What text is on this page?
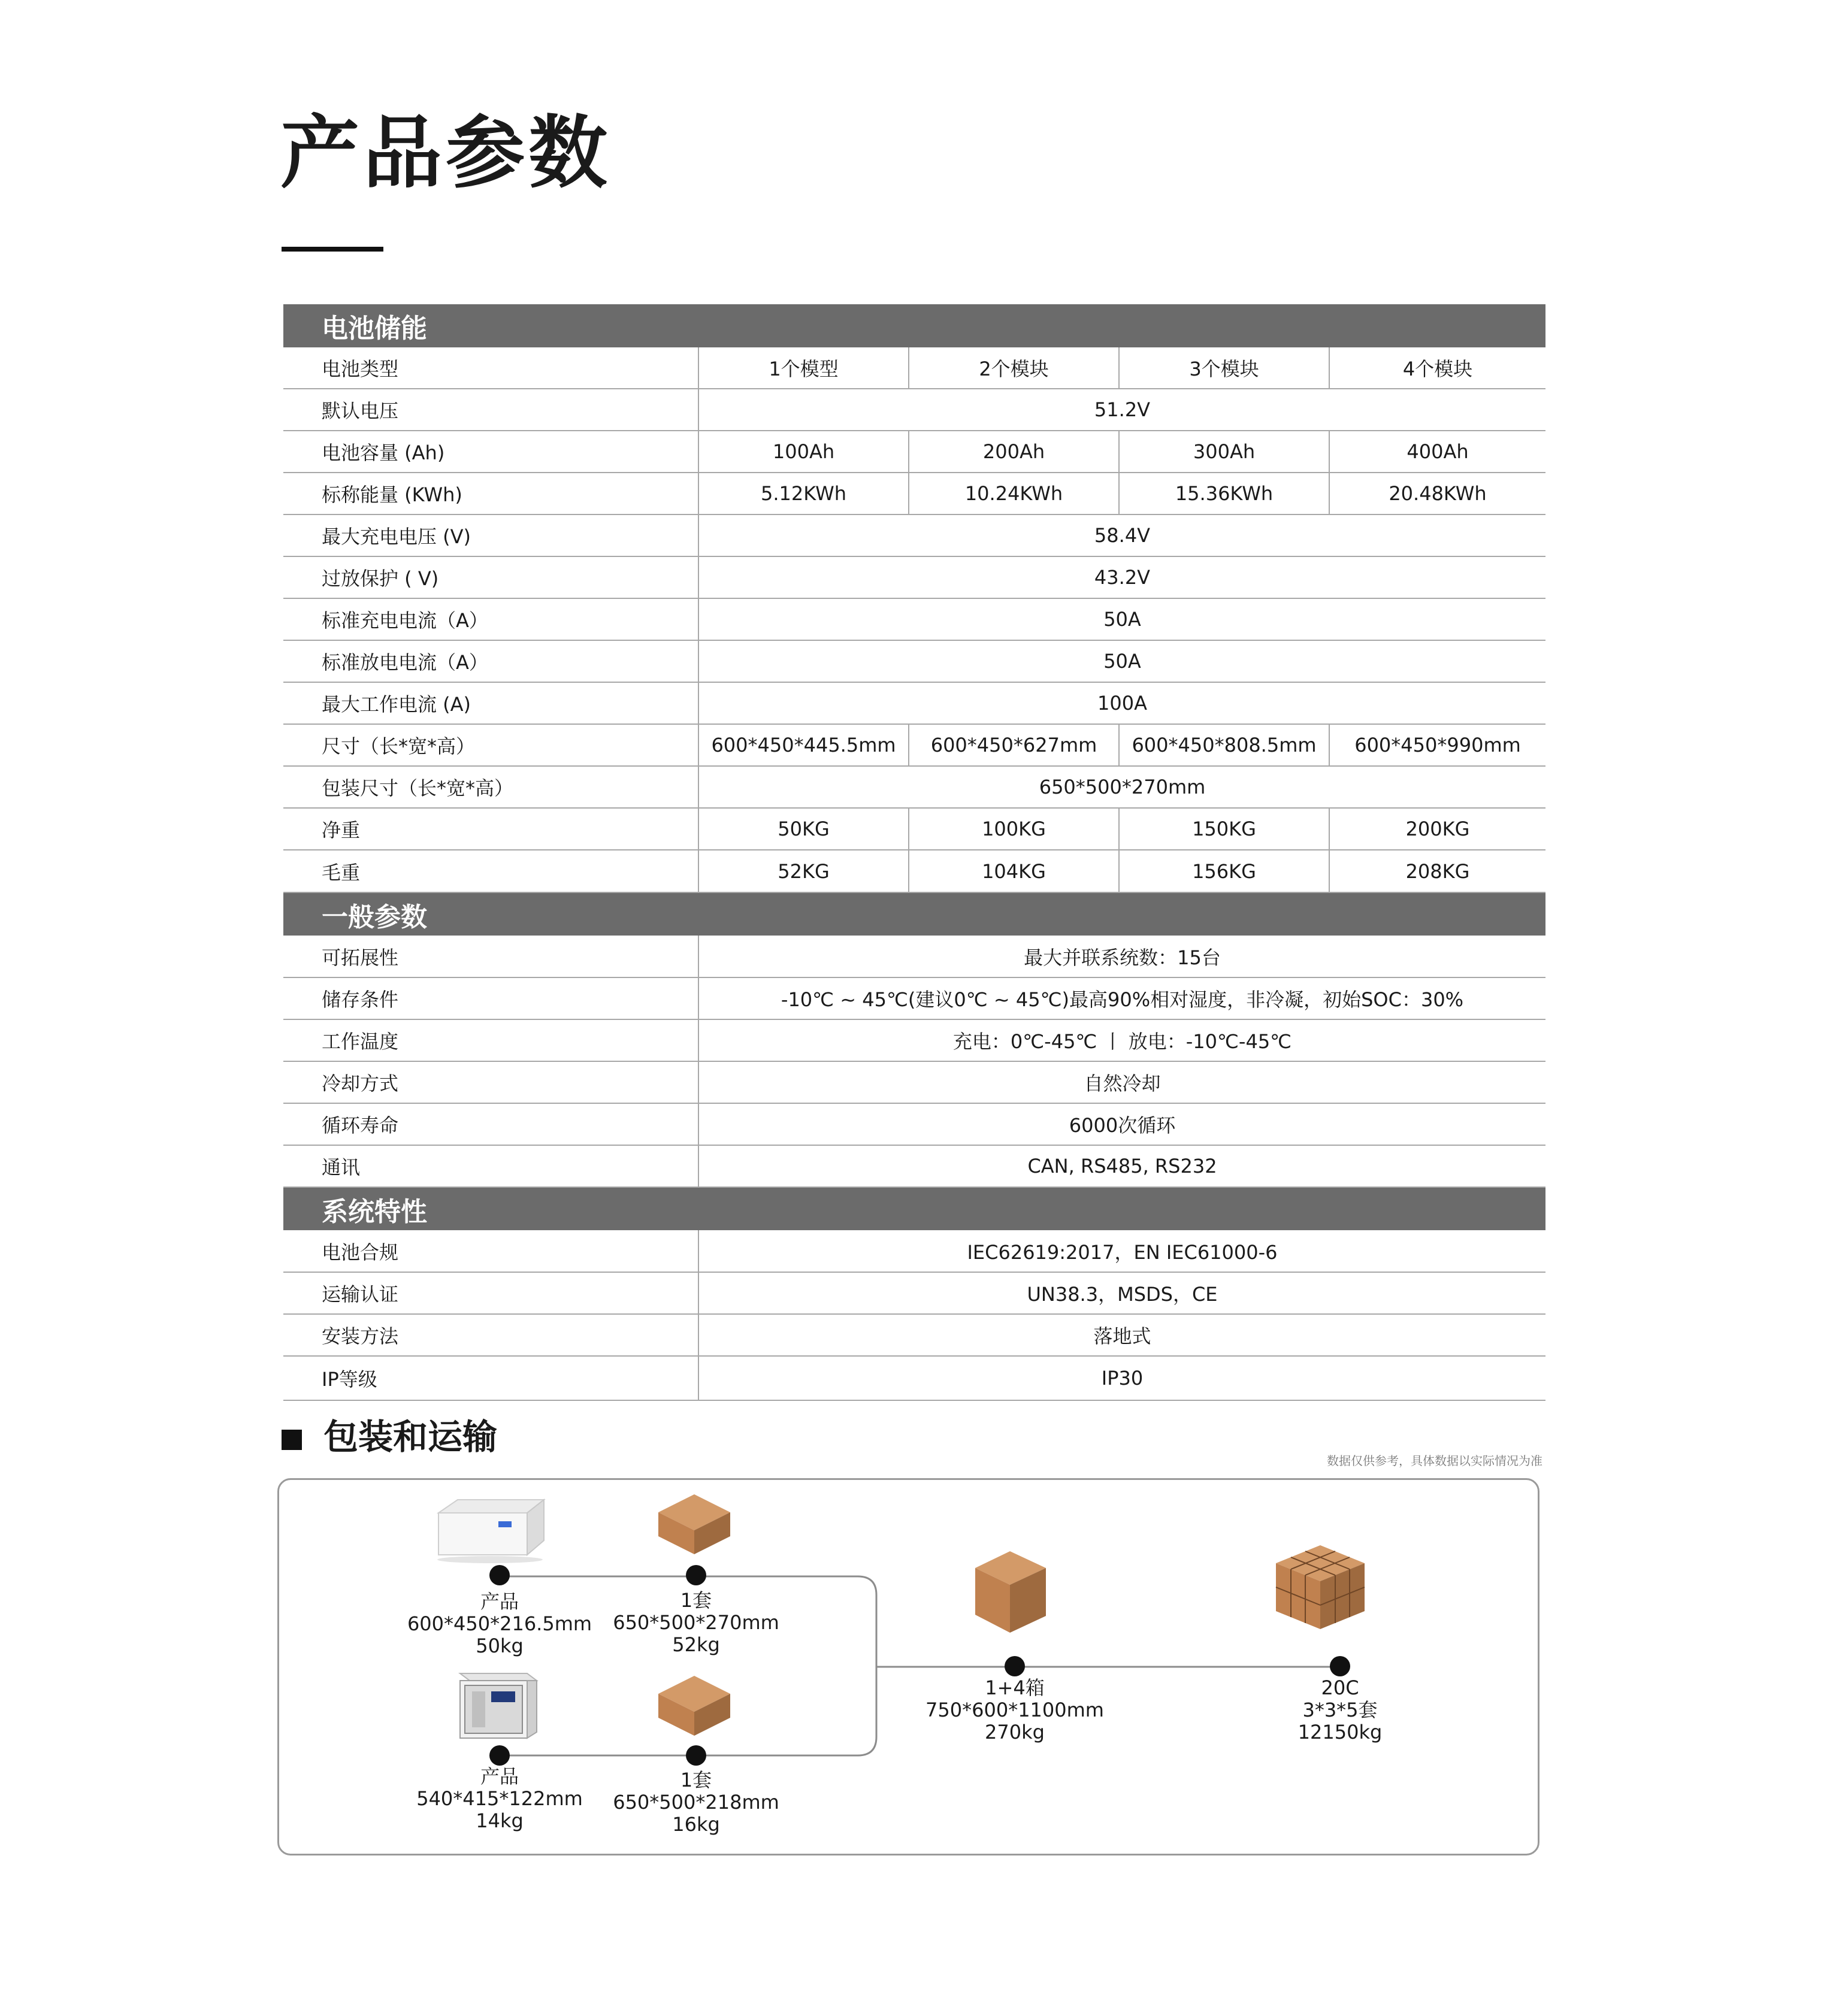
产品参数
电池储能				
电池类型	1个模型	2个模块	3个模块	4个模块
默认电压	51.2V			
电池容量 (Ah)	100Ah	200Ah	300Ah	400Ah
标称能量 (KWh)	5.12KWh	10.24KWh	15.36KWh	20.48KWh
最大充电电压 (V)	58.4V			
过放保护 ( V)	43.2V			
标准充电电流（A）	50A			
标准放电电流（A）	50A			
最大工作电流 (A)	100A			
尺寸（长*宽*高）	600*450*445.5mm	600*450*627mm	600*450*808.5mm	600*450*990mm
包装尺寸（长*宽*高）	650*500*270mm			
净重	50KG	100KG	150KG	200KG
毛重	52KG	104KG	156KG	208KG
一般参数				
可拓展性	最大并联系统数：15台			
储存条件	-10℃ ~ 45℃(建议0℃ ~ 45℃)最高90%相对湿度，非冷凝，初始SOC：30%			
工作温度	充电：0℃-45℃ 丨 放电：-10℃-45℃			
冷却方式	自然冷却			
循环寿命	6000次循环			
通讯	CAN, RS485, RS232			
系统特性				
电池合规	IEC62619:2017，EN IEC61000-6			
运输认证	UN38.3，MSDS，CE			
安装方法	落地式			
IP等级	IP30			
包装和运输
数据仅供参考，具体数据以实际情况为准
产品
600*450*216.5mm
50kg
1套
650*500*270mm
52kg
产品
540*415*122mm
14kg
1套
650*500*218mm
16kg
1+4箱
750*600*1100mm
270kg
20C
3*3*5套
12150kg
